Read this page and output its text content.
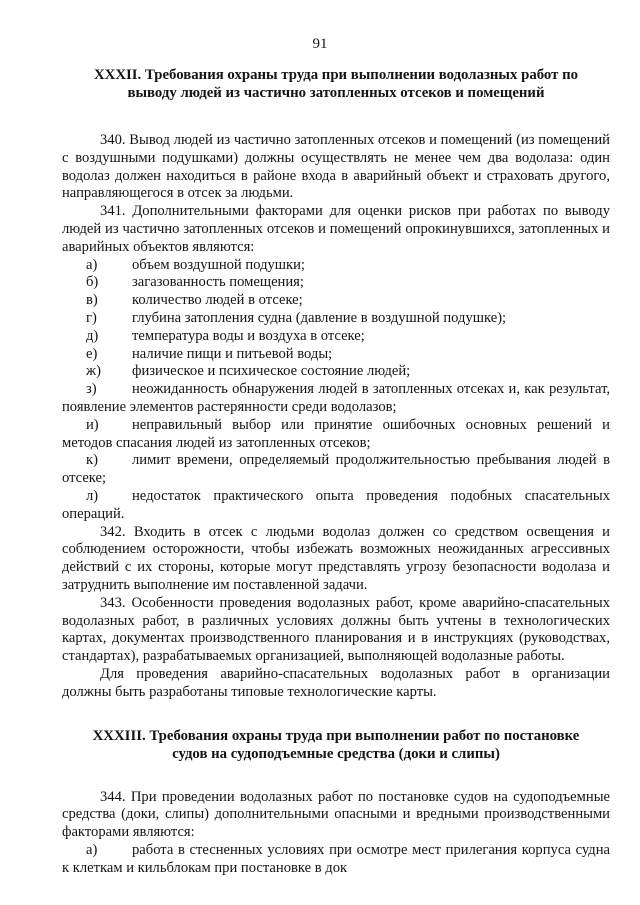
91
XXXII. Требования охраны труда при выполнении водолазных работ по
выводу людей из частично затопленных отсеков и помещений

340. Вывод людей из частично затопленных отсеков и помещений (из помещений с воздушными подушками) должны осуществлять не менее чем два водолаза: один водолаз должен находиться в районе входа в аварийный объект и страховать другого, направляющегося в отсек за людьми.

341. Дополнительными факторами для оценки рисков при работах по выводу людей из частично затопленных отсеков и помещений опрокинувшихся, затопленных и аварийных объектов являются:

а) объем воздушной подушки;

б) загазованность помещения;

в) количество людей в отсеке;

г) глубина затопления судна (давление в воздушной подушке);

д) температура воды и воздуха в отсеке;

е) наличие пищи и питьевой воды;

ж) физическое и психическое состояние людей;

з) неожиданность обнаружения людей в затопленных отсеках и, как результат, появление элементов растерянности среди водолазов;

и) неправильный выбор или принятие ошибочных основных решений и методов спасания людей из затопленных отсеков;

к) лимит времени, определяемый продолжительностью пребывания людей в отсеке;

л) недостаток практического опыта проведения подобных спасательных операций.

342. Входить в отсек с людьми водолаз должен со средством освещения и соблюдением осторожности, чтобы избежать возможных неожиданных агрессивных действий с их стороны, которые могут представлять угрозу безопасности водолаза и затруднить выполнение им поставленной задачи.

343. Особенности проведения водолазных работ, кроме аварийно-спасательных водолазных работ, в различных условиях должны быть учтены в технологических картах, документах производственного планирования и в инструкциях (руководствах, стандартах), разрабатываемых организацией, выполняющей водолазные работы.

Для проведения аварийно-спасательных водолазных работ в организации должны быть разработаны типовые технологические карты.

XXXIII. Требования охраны труда при выполнении работ по постановке
судов на судоподъемные средства (доки и слипы)

344. При проведении водолазных работ по постановке судов на судоподъемные средства (доки, слипы) дополнительными опасными и вредными производственными факторами являются:

а) работа в стесненных условиях при осмотре мест прилегания корпуса судна к клеткам и кильблокам при постановке в док
